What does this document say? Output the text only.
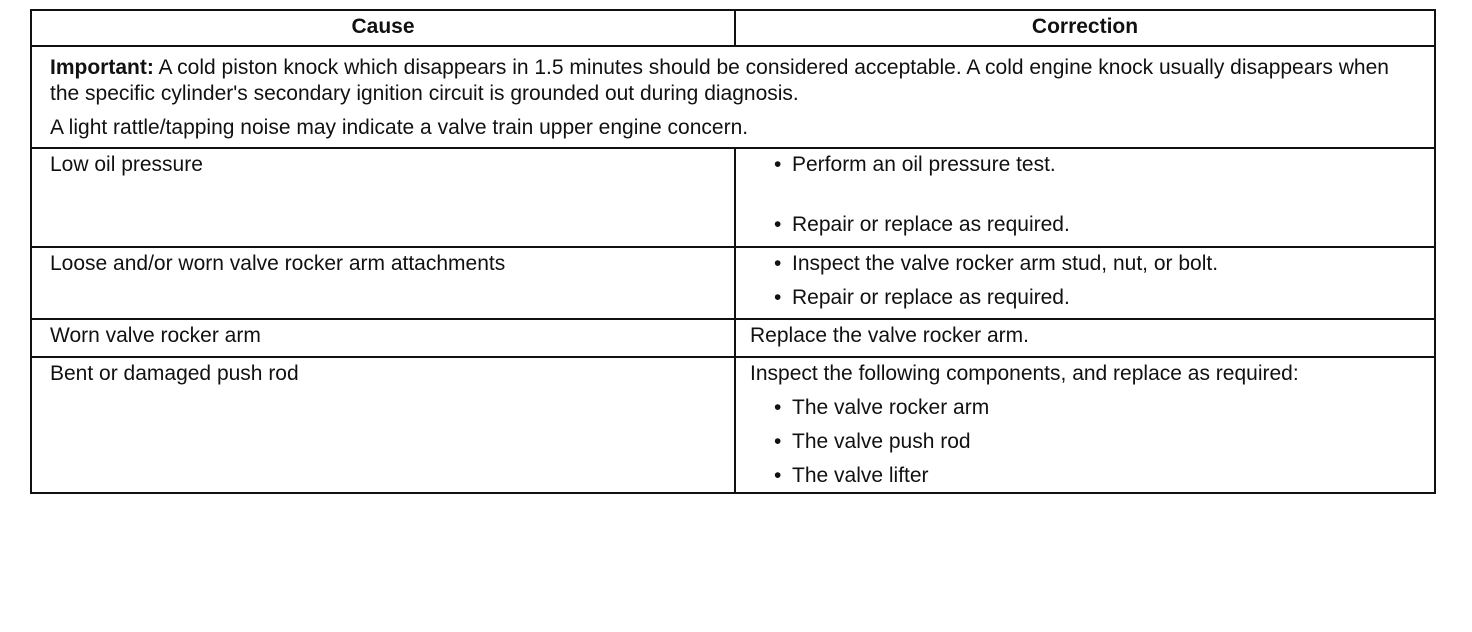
Cause	Correction

Important: A cold piston knock which disappears in 1.5 minutes should be considered acceptable. A cold engine knock usually disappears when the specific cylinder's secondary ignition circuit is grounded out during diagnosis.

A light rattle/tapping noise may indicate a valve train upper engine concern.

Low oil pressure	• Perform an oil pressure test.
• Repair or replace as required.
Loose and/or worn valve rocker arm attachments	• Inspect the valve rocker arm stud, nut, or bolt.
• Repair or replace as required.
Worn valve rocker arm	Replace the valve rocker arm.
Bent or damaged push rod	Inspect the following components, and replace as required:
• The valve rocker arm
• The valve push rod
• The valve lifter
